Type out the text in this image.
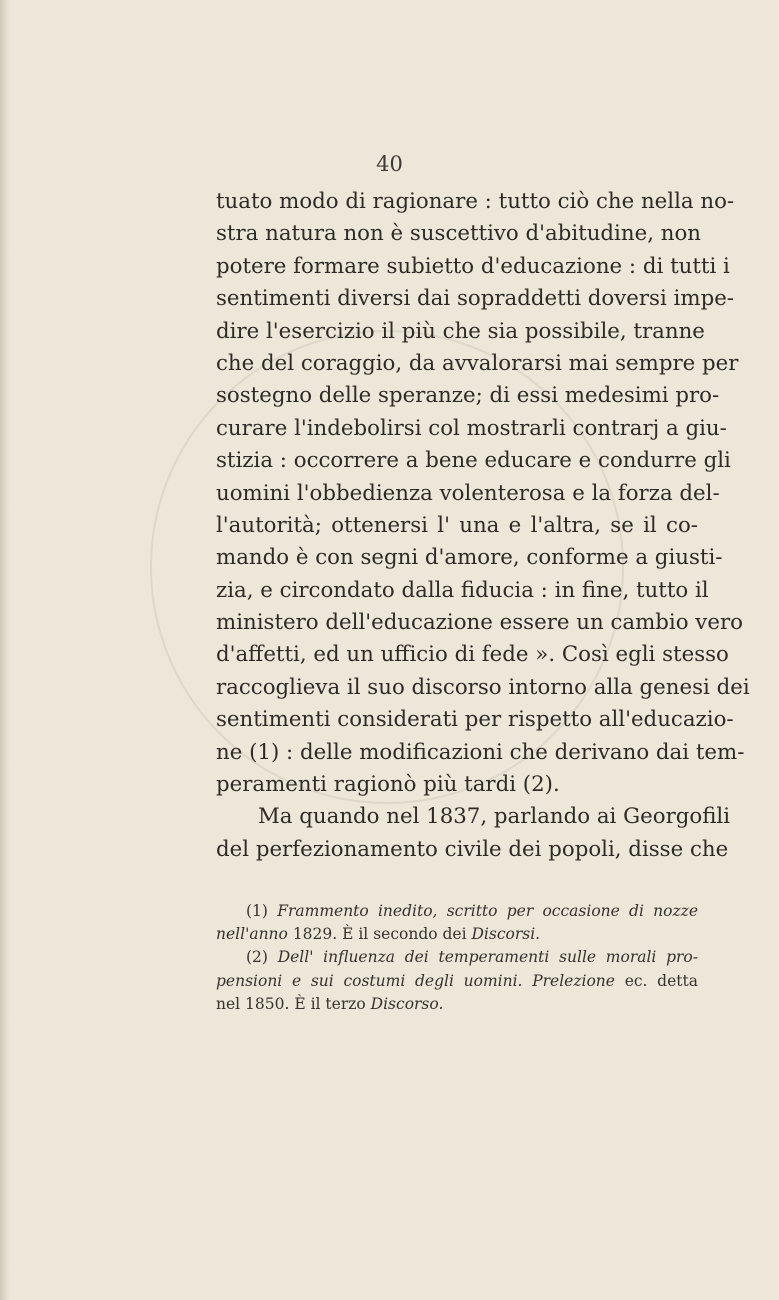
40
tuato modo di ragionare : tutto ciò che nella no-
stra natura non è suscettivo d'abitudine, non
potere formare subietto d'educazione : di tutti i
sentimenti diversi dai sopraddetti doversi impe-
dire l'esercizio il più che sia possibile, tranne
che del coraggio, da avvalorarsi mai sempre per
sostegno delle speranze; di essi medesimi pro-
curare l'indebolirsi col mostrarli contrarj a giu-
stizia : occorrere a bene educare e condurre gli
uomini l'obbedienza volenterosa e la forza del-
l'autorità; ottenersi l' una e l'altra, se il co-
mando è con segni d'amore, conforme a giusti-
zia, e circondato dalla fiducia : in fine, tutto il
ministero dell'educazione essere un cambio vero
d'affetti, ed un ufficio di fede ». Così egli stesso
raccoglieva il suo discorso intorno alla genesi dei
sentimenti considerati per rispetto all'educazio-
ne (1) : delle modificazioni che derivano dai tem-
peramenti ragionò più tardi (2).
Ma quando nel 1837, parlando ai Georgofili
del perfezionamento civile dei popoli, disse che
(1) Frammento inedito, scritto per occasione di nozze
nell'anno 1829. È il secondo dei Discorsi.
(2) Dell' influenza dei temperamenti sulle morali pro-
pensioni e sui costumi degli uomini. Prelezione ec. detta
nel 1850. È il terzo Discorso.
